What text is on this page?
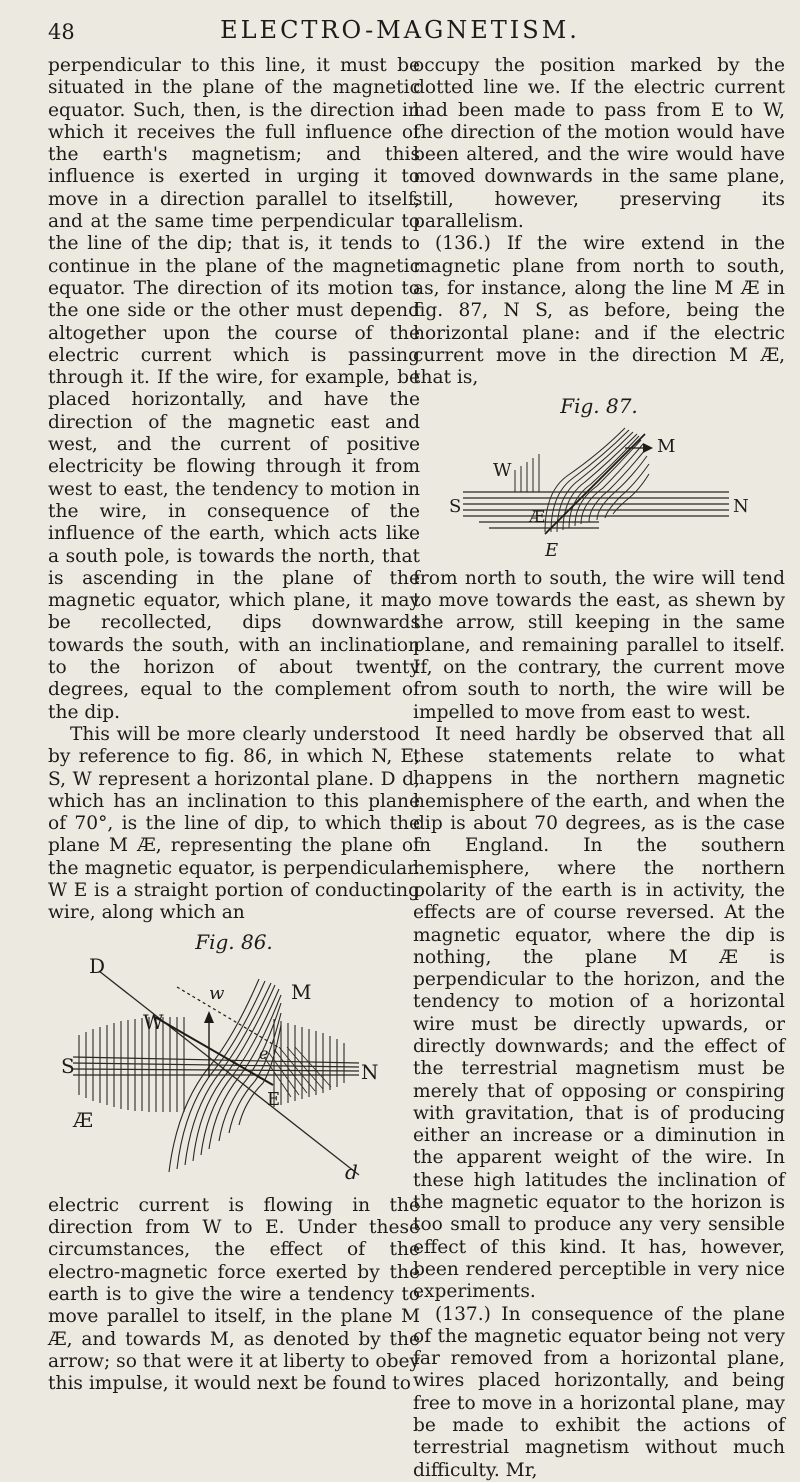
48	ELECTRO-MAGNETISM.

perpendicular to this line, it must be situated in the plane of the magnetic equator. Such, then, is the direction in which it receives the full influence of the earth's magnetism; and this influence is exerted in urging it to move in a direction parallel to itself, and at the same time perpendicular to the line of the dip; that is, it tends to continue in the plane of the magnetic equator. The direction of its motion to the one side or the other must depend altogether upon the course of the electric current which is passing through it. If the wire, for example, be placed horizontally, and have the direction of the magnetic east and west, and the current of positive electricity be flowing through it from west to east, the tendency to motion in the wire, in consequence of the influence of the earth, which acts like a south pole, is towards the north, that is ascending in the plane of the magnetic equator, which plane, it may be recollected, dips downwards towards the south, with an inclination to the horizon of about twenty degrees, equal to the complement of the dip.

This will be more clearly understood by reference to fig. 86, in which N, E, S, W represent a horizontal plane. D d, which has an inclination to this plane of 70°, is the line of dip, to which the plane M Æ, representing the plane of the magnetic equator, is perpendicular. W E is a straight portion of conducting wire, along which an

Fig. 86.
D
M
W
w
S	N
e
E
Æ
d

electric current is flowing in the direction from W to E. Under these circumstances, the effect of the electro-magnetic force exerted by the earth is to give the wire a tendency to move parallel to itself, in the plane M Æ, and towards M, as denoted by the arrow; so that were it at liberty to obey this impulse, it would next be found to

occupy the position marked by the dotted line we. If the electric current had been made to pass from E to W, the direction of the motion would have been altered, and the wire would have moved downwards in the same plane, still, however, preserving its parallelism.

(136.) If the wire extend in the magnetic plane from north to south, as, for instance, along the line M Æ in fig. 87, N S, as before, being the horizontal plane: and if the electric current move in the direction M Æ, that is,

Fig. 87.
M
W
S	N
Æ
E

from north to south, the wire will tend to move towards the east, as shewn by the arrow, still keeping in the same plane, and remaining parallel to itself. If, on the contrary, the current move from south to north, the wire will be impelled to move from east to west.

It need hardly be observed that all these statements relate to what happens in the northern magnetic hemisphere of the earth, and when the dip is about 70 degrees, as is the case in England. In the southern hemisphere, where the northern polarity of the earth is in activity, the effects are of course reversed. At the magnetic equator, where the dip is nothing, the plane M Æ is perpendicular to the horizon, and the tendency to motion of a horizontal wire must be directly upwards, or directly downwards; and the effect of the terrestrial magnetism must be merely that of opposing or conspiring with gravitation, that is of producing either an increase or a diminution in the apparent weight of the wire. In these high latitudes the inclination of the magnetic equator to the horizon is too small to produce any very sensible effect of this kind. It has, however, been rendered perceptible in very nice experiments.

(137.) In consequence of the plane of the magnetic equator being not very far removed from a horizontal plane, wires placed horizontally, and being free to move in a horizontal plane, may be made to exhibit the actions of terrestrial magnetism without much difficulty. Mr,
